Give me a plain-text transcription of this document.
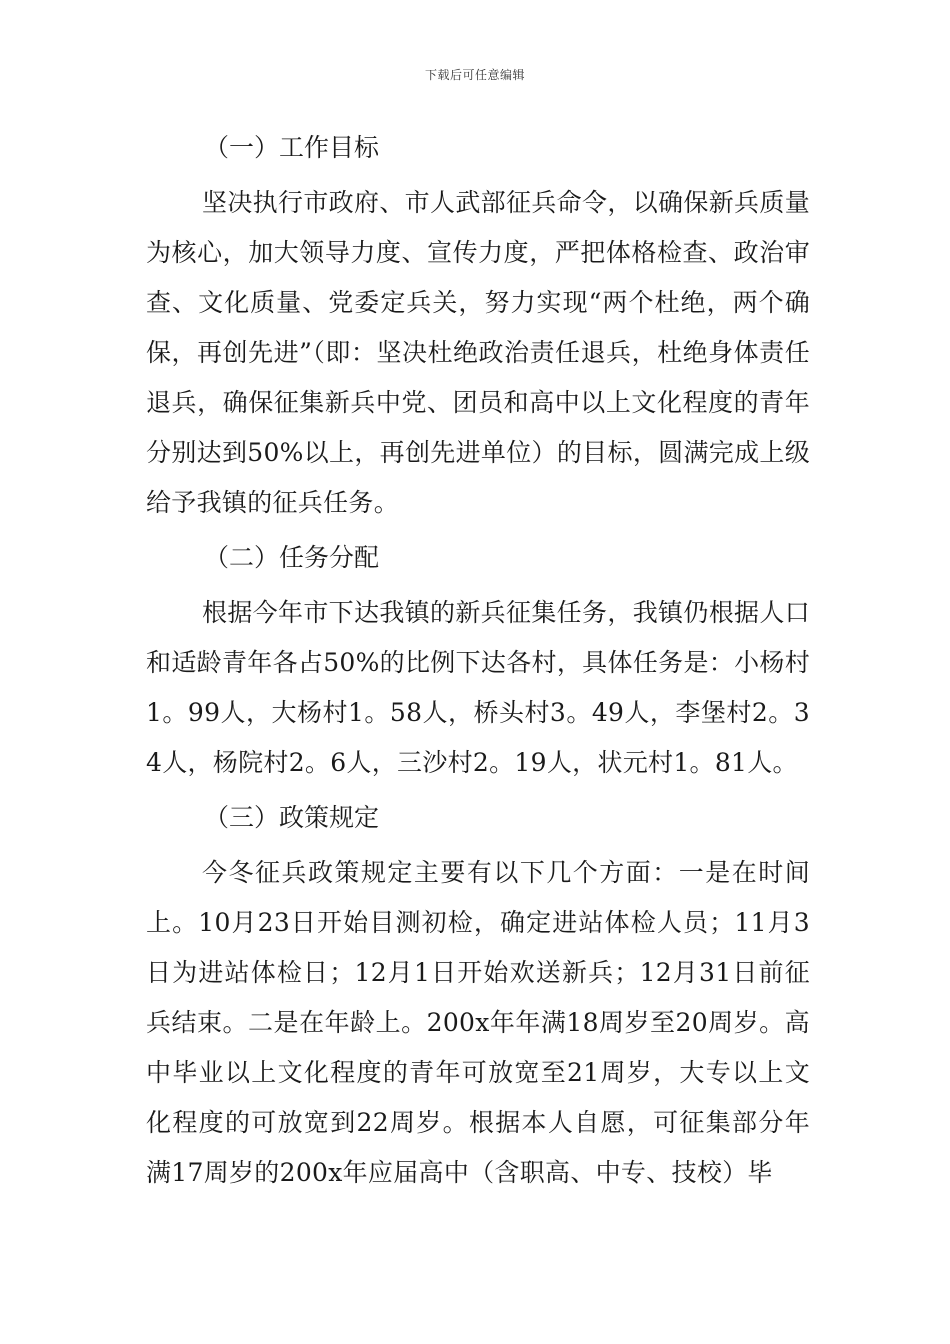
下载后可任意编辑
（一）工作目标

坚决执行市政府、市人武部征兵命令，以确保新兵质量为核心，加大领导力度、宣传力度，严把体格检查、政治审查、文化质量、党委定兵关，努力实现“两个杜绝，两个确保，再创先进”（即：坚决杜绝政治责任退兵，杜绝身体责任退兵，确保征集新兵中党、团员和高中以上文化程度的青年分别达到50%以上，再创先进单位）的目标，圆满完成上级给予我镇的征兵任务。

（二）任务分配

根据今年市下达我镇的新兵征集任务，我镇仍根据人口和适龄青年各占50%的比例下达各村，具体任务是：小杨村1。99人，大杨村1。58人，桥头村3。49人，李堡村2。34人，杨院村2。6人，三沙村2。19人，状元村1。81人。

（三）政策规定

今冬征兵政策规定主要有以下几个方面：一是在时间上。10月23日开始目测初检，确定进站体检人员；11月3日为进站体检日；12月1日开始欢送新兵；12月31日前征兵结束。二是在年龄上。200x年年满18周岁至20周岁。高中毕业以上文化程度的青年可放宽至21周岁，大专以上文化程度的可放宽到22周岁。根据本人自愿，可征集部分年满17周岁的200x年应届高中（含职高、中专、技校）毕
